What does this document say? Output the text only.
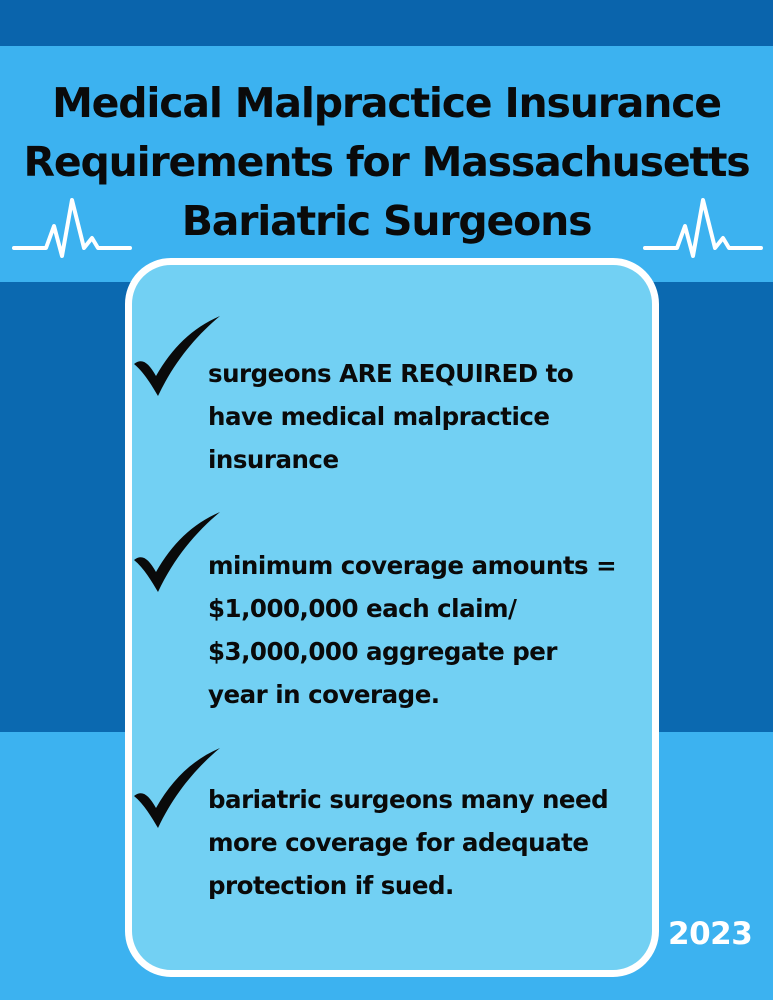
Medical Malpractice Insurance
Requirements for Massachusetts
Bariatric Surgeons
surgeons ARE REQUIRED to
have medical malpractice
insurance
minimum coverage amounts =
$1,000,000 each claim/
$3,000,000 aggregate per
year in coverage.
bariatric surgeons many need
more coverage for adequate
protection if sued.
2023
